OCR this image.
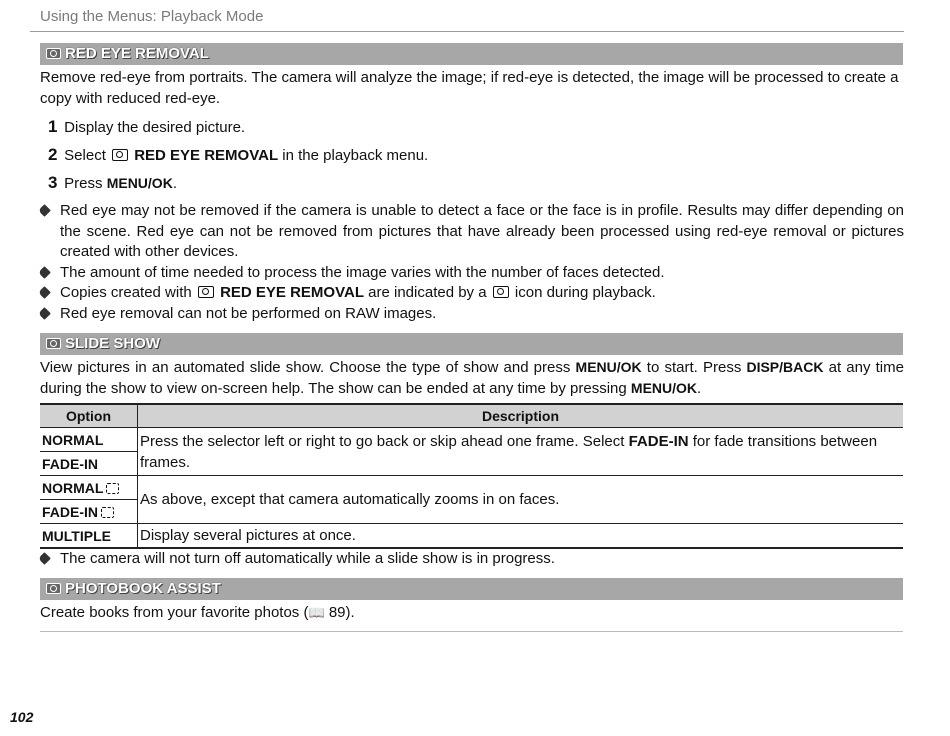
Using the Menus: Playback Mode
RED EYE REMOVAL
Remove red-eye from portraits. The camera will analyze the image; if red-eye is detected, the image will be processed to create a copy with reduced red-eye.
1 Display the desired picture.
2 Select  RED EYE REMOVAL in the playback menu.
3 Press MENU/OK.
Red eye may not be removed if the camera is unable to detect a face or the face is in profile. Results may differ depending on the scene. Red eye can not be removed from pictures that have already been processed using red-eye removal or pictures created with other devices.
The amount of time needed to process the image varies with the number of faces detected.
Copies created with  RED EYE REMOVAL are indicated by a  icon during playback.
Red eye removal can not be performed on RAW images.
SLIDE SHOW
View pictures in an automated slide show. Choose the type of show and press MENU/OK to start. Press DISP/BACK at any time during the show to view on-screen help. The show can be ended at any time by pressing MENU/OK.
Option	Description
NORMAL	Press the selector left or right to go back or skip ahead one frame. Select FADE-IN for fade transitions between frames.
FADE-IN	
NORMAL	As above, except that camera automatically zooms in on faces.
FADE-IN	
MULTIPLE	Display several pictures at once.
The camera will not turn off automatically while a slide show is in progress.
PHOTOBOOK ASSIST
Create books from your favorite photos (📖 89).
102
